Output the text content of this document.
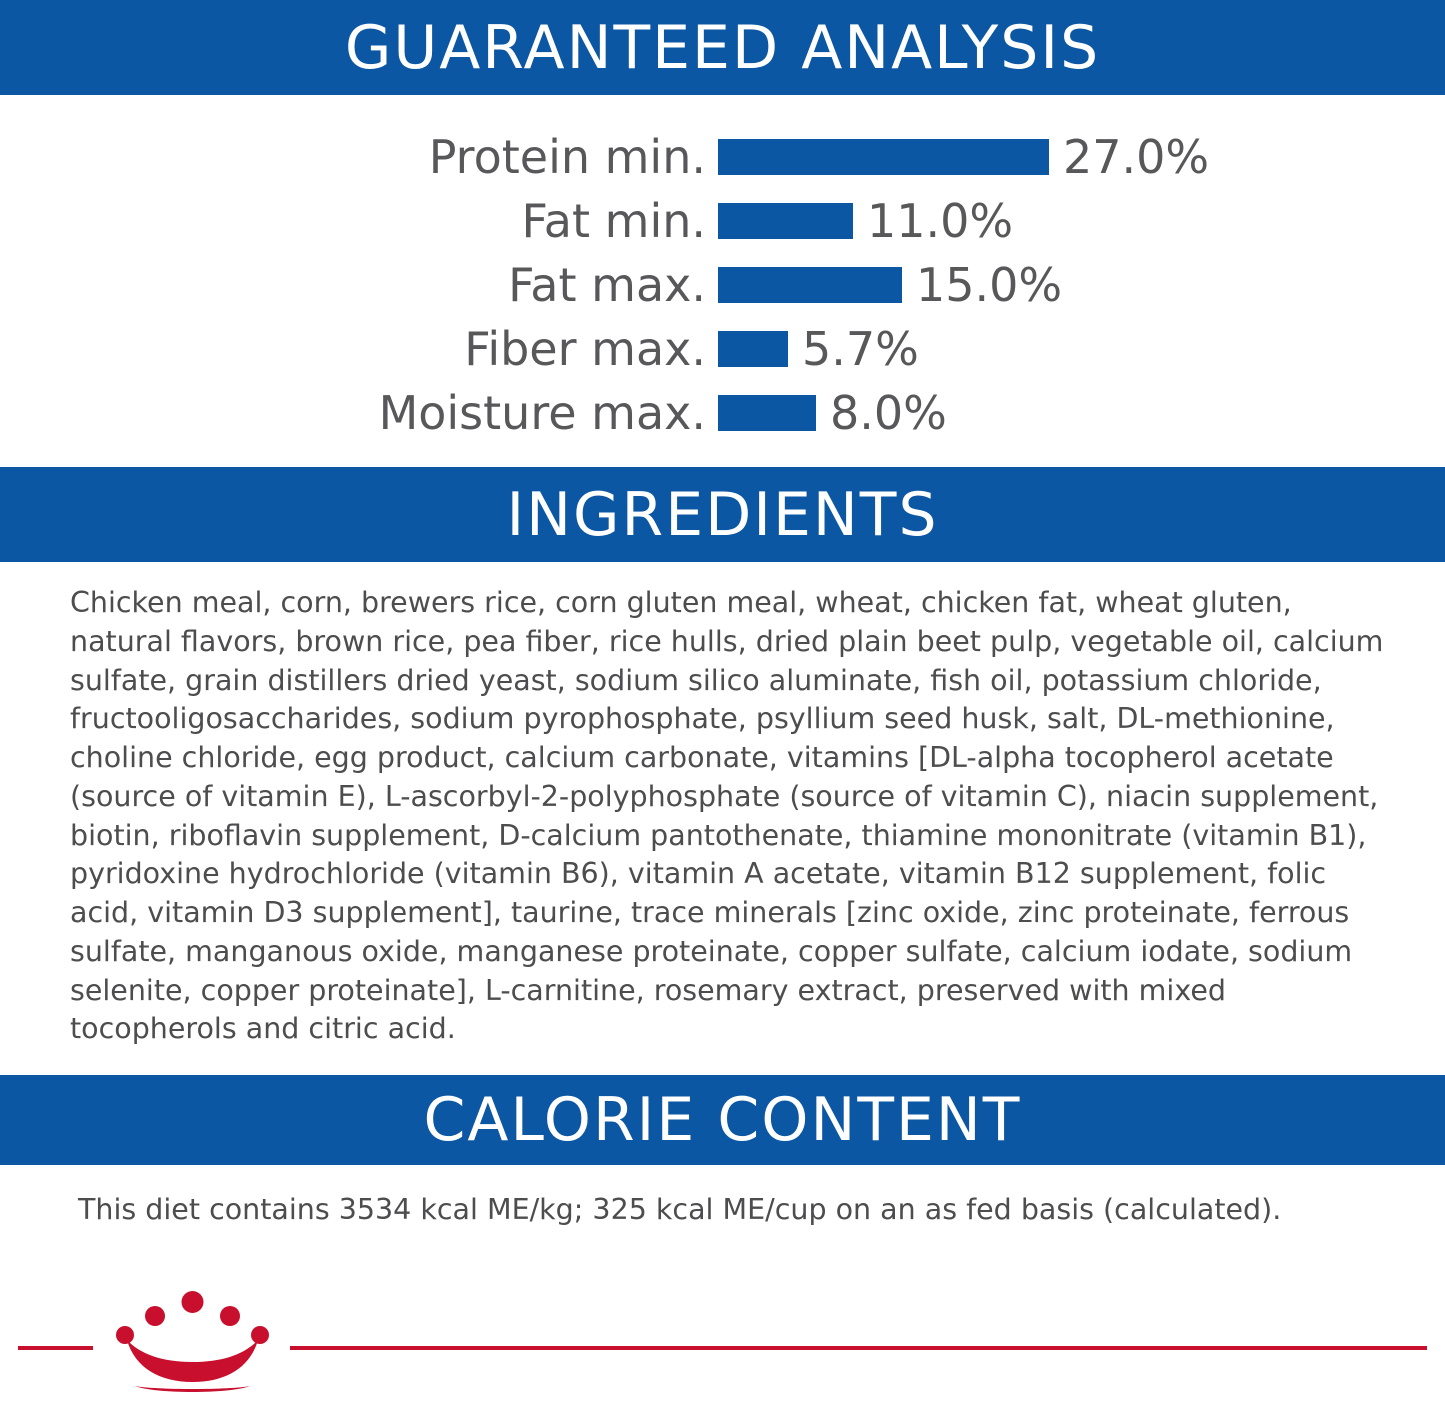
GUARANTEED ANALYSIS
Protein min.	27.0%
Fat min.	11.0%
Fat max.	15.0%
Fiber max. 5.7%
Moisture max.	8.0%
INGREDIENTS
Chicken meal, corn, brewers rice, corn gluten meal, wheat, chicken fat, wheat gluten, natural flavors, brown rice, pea fiber, rice hulls, dried plain beet pulp, vegetable oil, calcium sulfate, grain distillers dried yeast, sodium silico aluminate, fish oil, potassium chloride, fructooligosaccharides, sodium pyrophosphate, psyllium seed husk, salt, DL-methionine, choline chloride, egg product, calcium carbonate, vitamins [DL-alpha tocopherol acetate (source of vitamin E), L-ascorbyl-2-polyphosphate (source of vitamin C), niacin supplement, biotin, riboflavin supplement, D-calcium pantothenate, thiamine mononitrate (vitamin B1), pyridoxine hydrochloride (vitamin B6), vitamin A acetate, vitamin B12 supplement, folic acid, vitamin D3 supplement], taurine, trace minerals [zinc oxide, zinc proteinate, ferrous sulfate, manganous oxide, manganese proteinate, copper sulfate, calcium iodate, sodium selenite, copper proteinate], L-carnitine, rosemary extract, preserved with mixed tocopherols and citric acid.
CALORIE CONTENT
This diet contains 3534 kcal ME/kg; 325 kcal ME/cup on an as fed basis (calculated).
